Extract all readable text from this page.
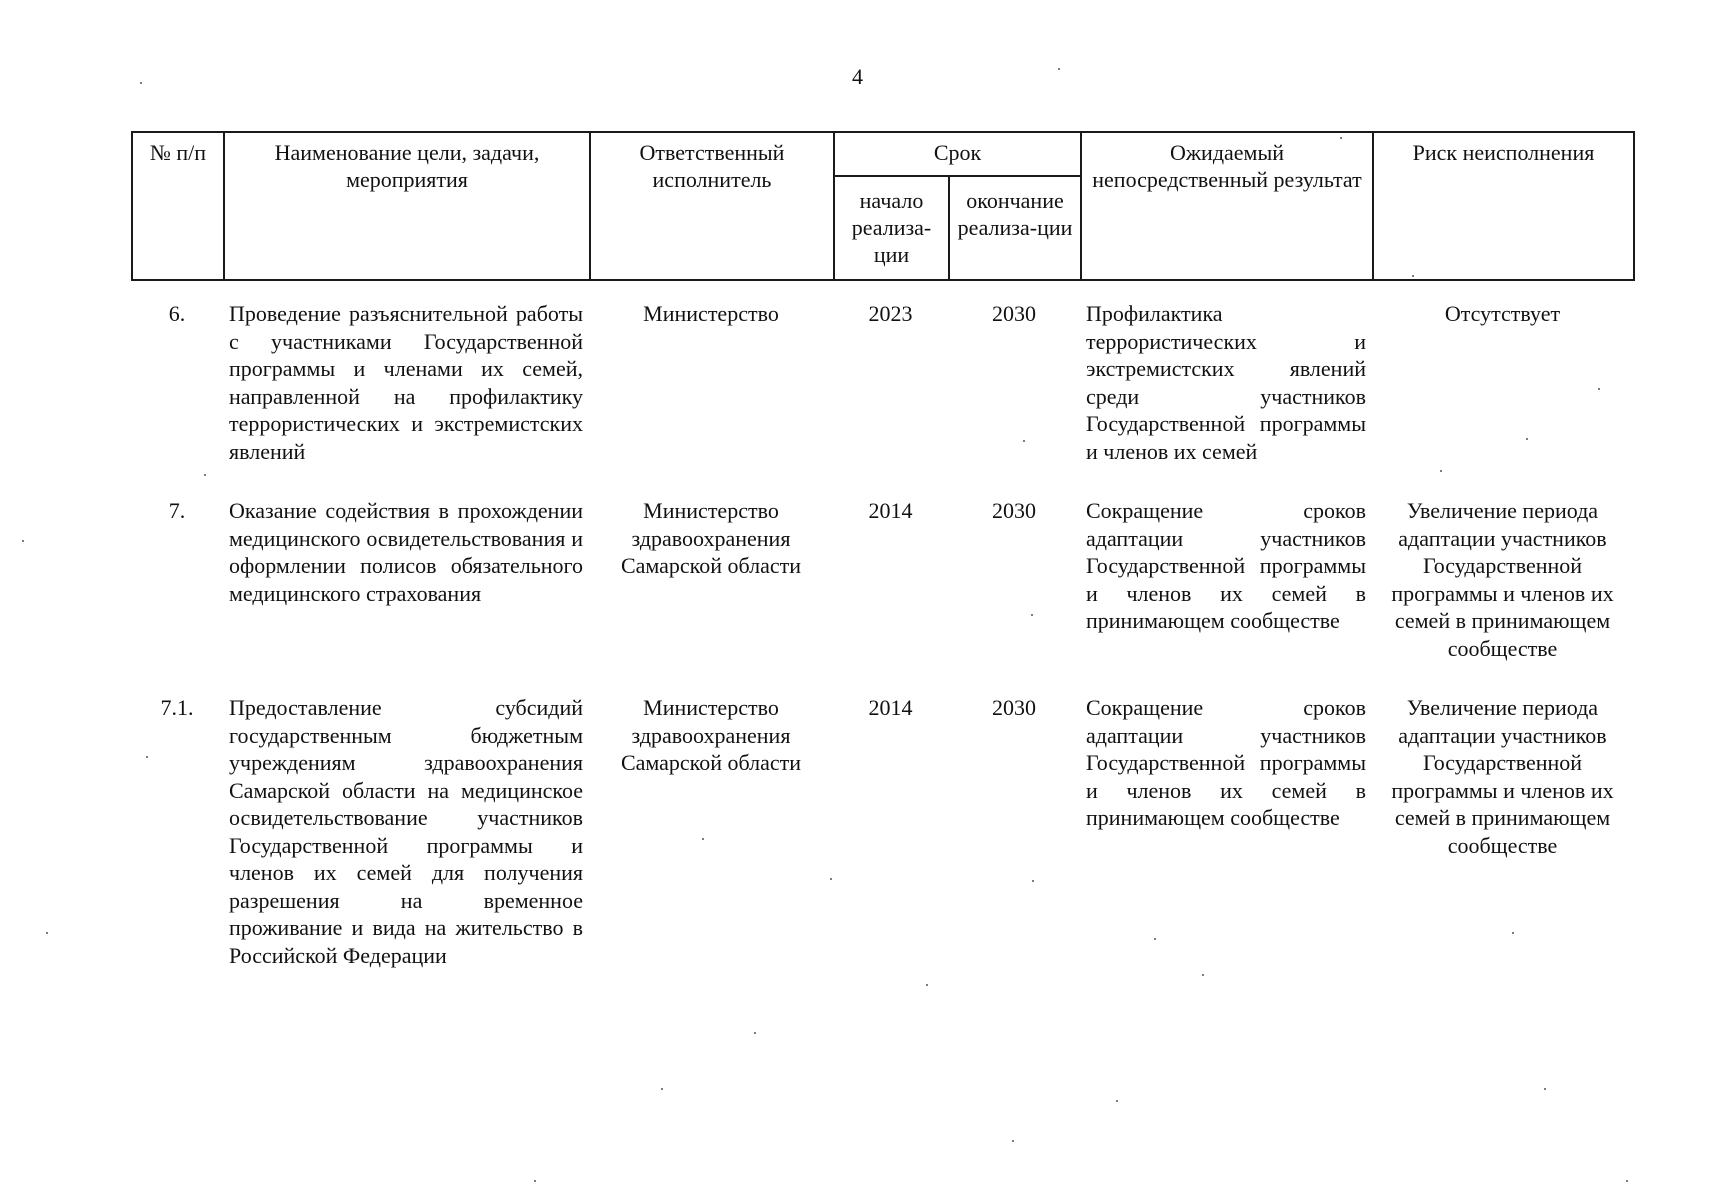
4
№ п/п	Наименование цели, задачи, мероприятия	Ответственный исполнитель	Срок		Ожидаемый непосредственный результат	Риск неисполнения
			начало реализа-ции	окончание реализа-ции		
6.	Проведение разъяснительной работы с участниками Государственной программы и членами их семей, направленной на профилактику террористических и экстремистских явлений	Министерство	2023	2030	Профилактика террористических и экстремистских явлений среди участников Государственной программы и членов их семей	Отсутствует
7.	Оказание содействия в прохождении медицинского освидетельствования и оформлении полисов обязательного медицинского страхования	Министерство здравоохранения Самарской области	2014	2030	Сокращение сроков адаптации участников Государственной программы и членов их семей в принимающем сообществе	Увеличение периода адаптации участников Государственной программы и членов их семей в принимающем сообществе
7.1.	Предоставление субсидий государственным бюджетным учреждениям здравоохранения Самарской области на медицинское освидетельствование участников Государственной программы и членов их семей для получения разрешения на временное проживание и вида на жительство в Российской Федерации	Министерство здравоохранения Самарской области	2014	2030	Сокращение сроков адаптации участников Государственной программы и членов их семей в принимающем сообществе	Увеличение периода адаптации участников Государственной программы и членов их семей в принимающем сообществе
